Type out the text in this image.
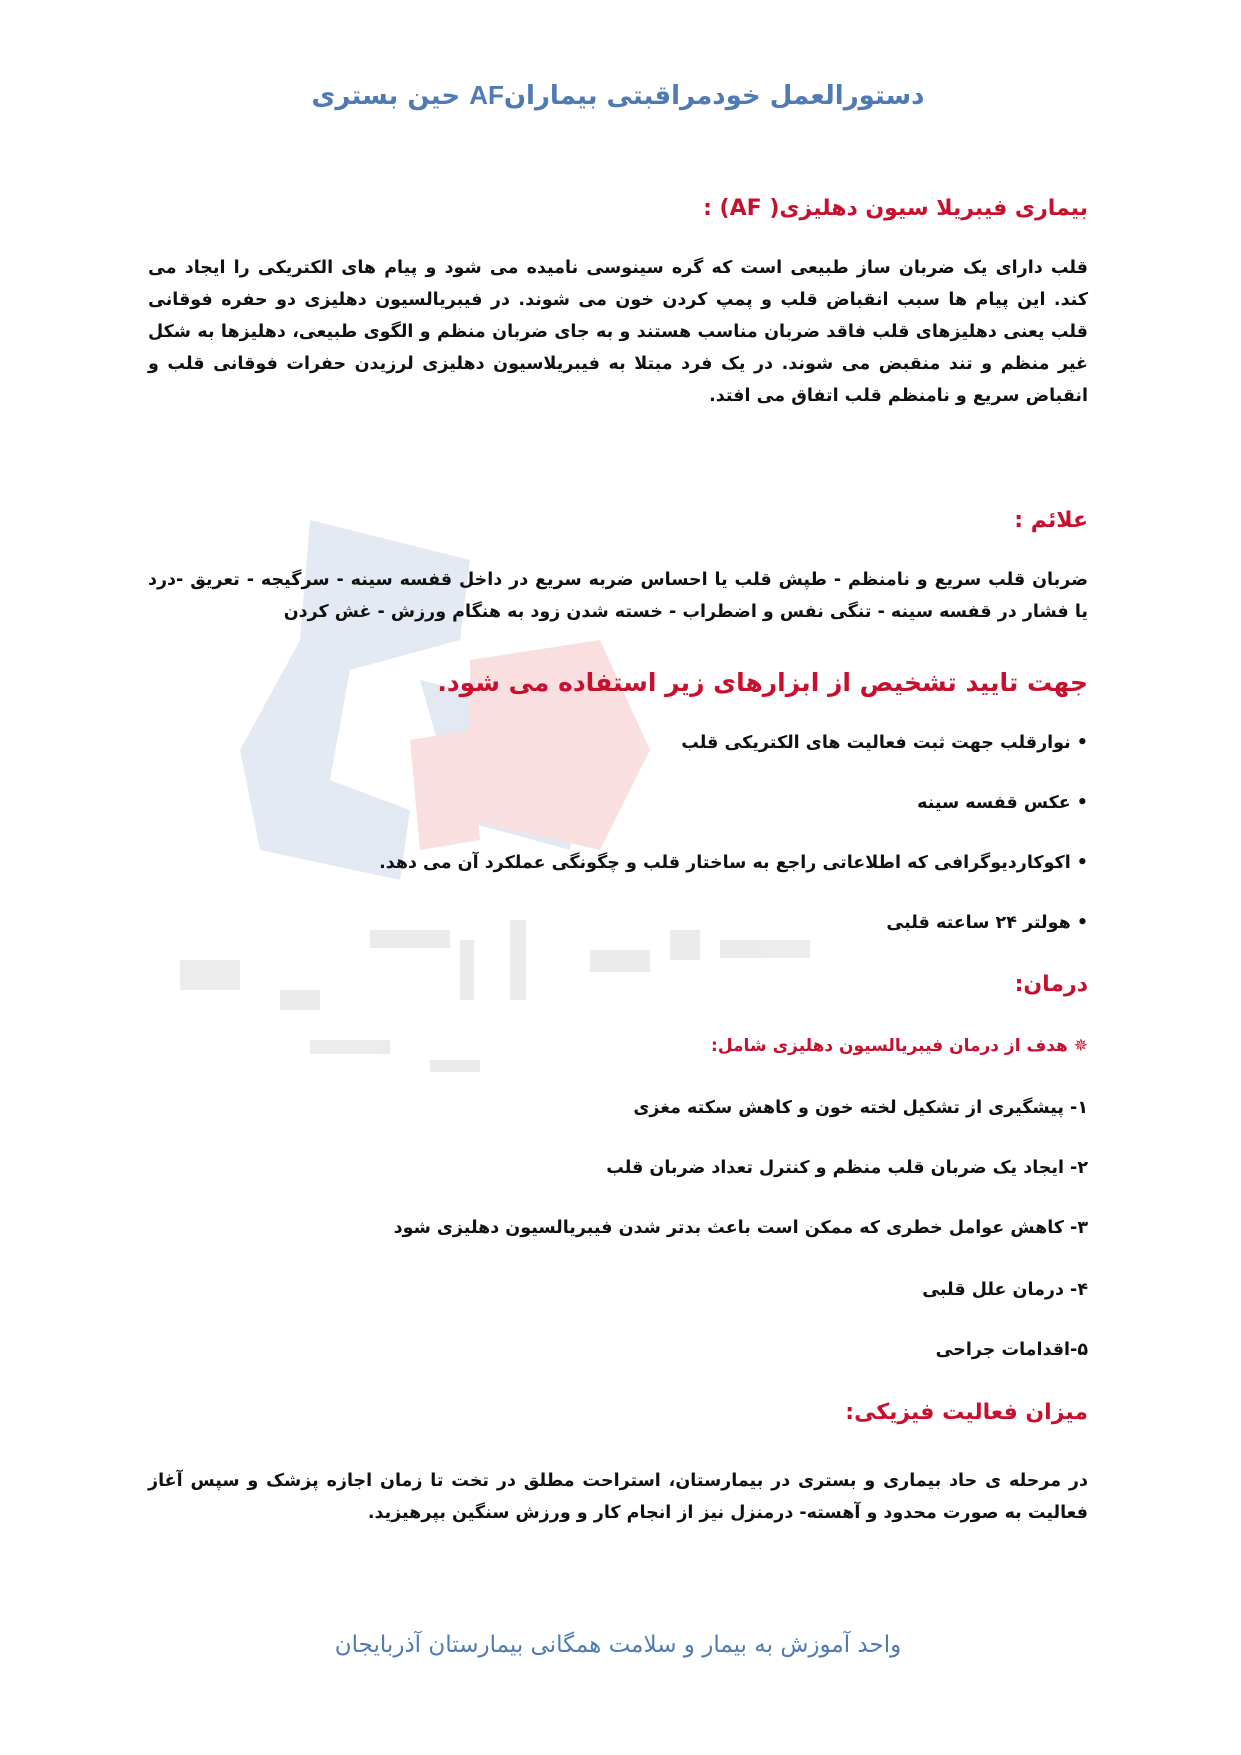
دستورالعمل خودمراقبتی بیمارانAF حین بستری
بیماری فیبریلا سیون دهلیزی( AF) :
قلب دارای یک ضربان ساز طبیعی است که گره سینوسی نامیده می شود و پیام های الکتریکی را ایجاد می کند. این پیام ها سبب انقباض قلب و پمپ کردن خون می شوند. در فیبریالسیون دهلیزی دو حفره فوقانی قلب یعنی دهلیزهای قلب فاقد ضربان مناسب هستند و به جای ضربان منظم و الگوی طبیعی، دهلیزها به شکل غیر منظم و تند منقبض می شوند. در یک فرد مبتلا به فیبریلاسیون دهلیزی لرزیدن حفرات فوقانی قلب و انقباض سریع و نامنظم قلب اتفاق می افتد.
علائم :
ضربان قلب سریع و نامنظم - طپش قلب یا احساس ضربه سریع در داخل قفسه سینه - سرگیجه - تعریق -درد یا فشار در قفسه سینه - تنگی نفس و اضطراب - خسته شدن زود به هنگام ورزش - غش کردن
جهت تایید تشخیص از ابزارهای زیر استفاده می شود.
• نوارقلب جهت ثبت فعالیت های الکتریکی قلب
• عکس قفسه سینه
• اکوکاردیوگرافی که اطلاعاتی راجع به ساختار قلب و چگونگی عملکرد آن می دهد.
• هولتر ۲۴ ساعته قلبی
درمان:
✵ هدف از درمان فیبریالسیون دهلیزی شامل:
۱- پیشگیری از تشکیل لخته خون و کاهش سکته مغزی
۲- ایجاد یک ضربان قلب منظم و کنترل تعداد ضربان قلب
۳- کاهش عوامل خطری که ممکن است باعث بدتر شدن فیبریالسیون دهلیزی شود
۴- درمان علل قلبی
۵-اقدامات جراحی
میزان فعالیت فیزیکی:
در مرحله ی حاد بیماری و بستری در بیمارستان، استراحت مطلق در تخت تا زمان اجازه پزشک و سپس آغاز فعالیت به صورت محدود و آهسته- درمنزل نیز از انجام کار و ورزش سنگین بپرهیزید.
واحد آموزش به بیمار و سلامت همگانی بیمارستان آذربایجان
